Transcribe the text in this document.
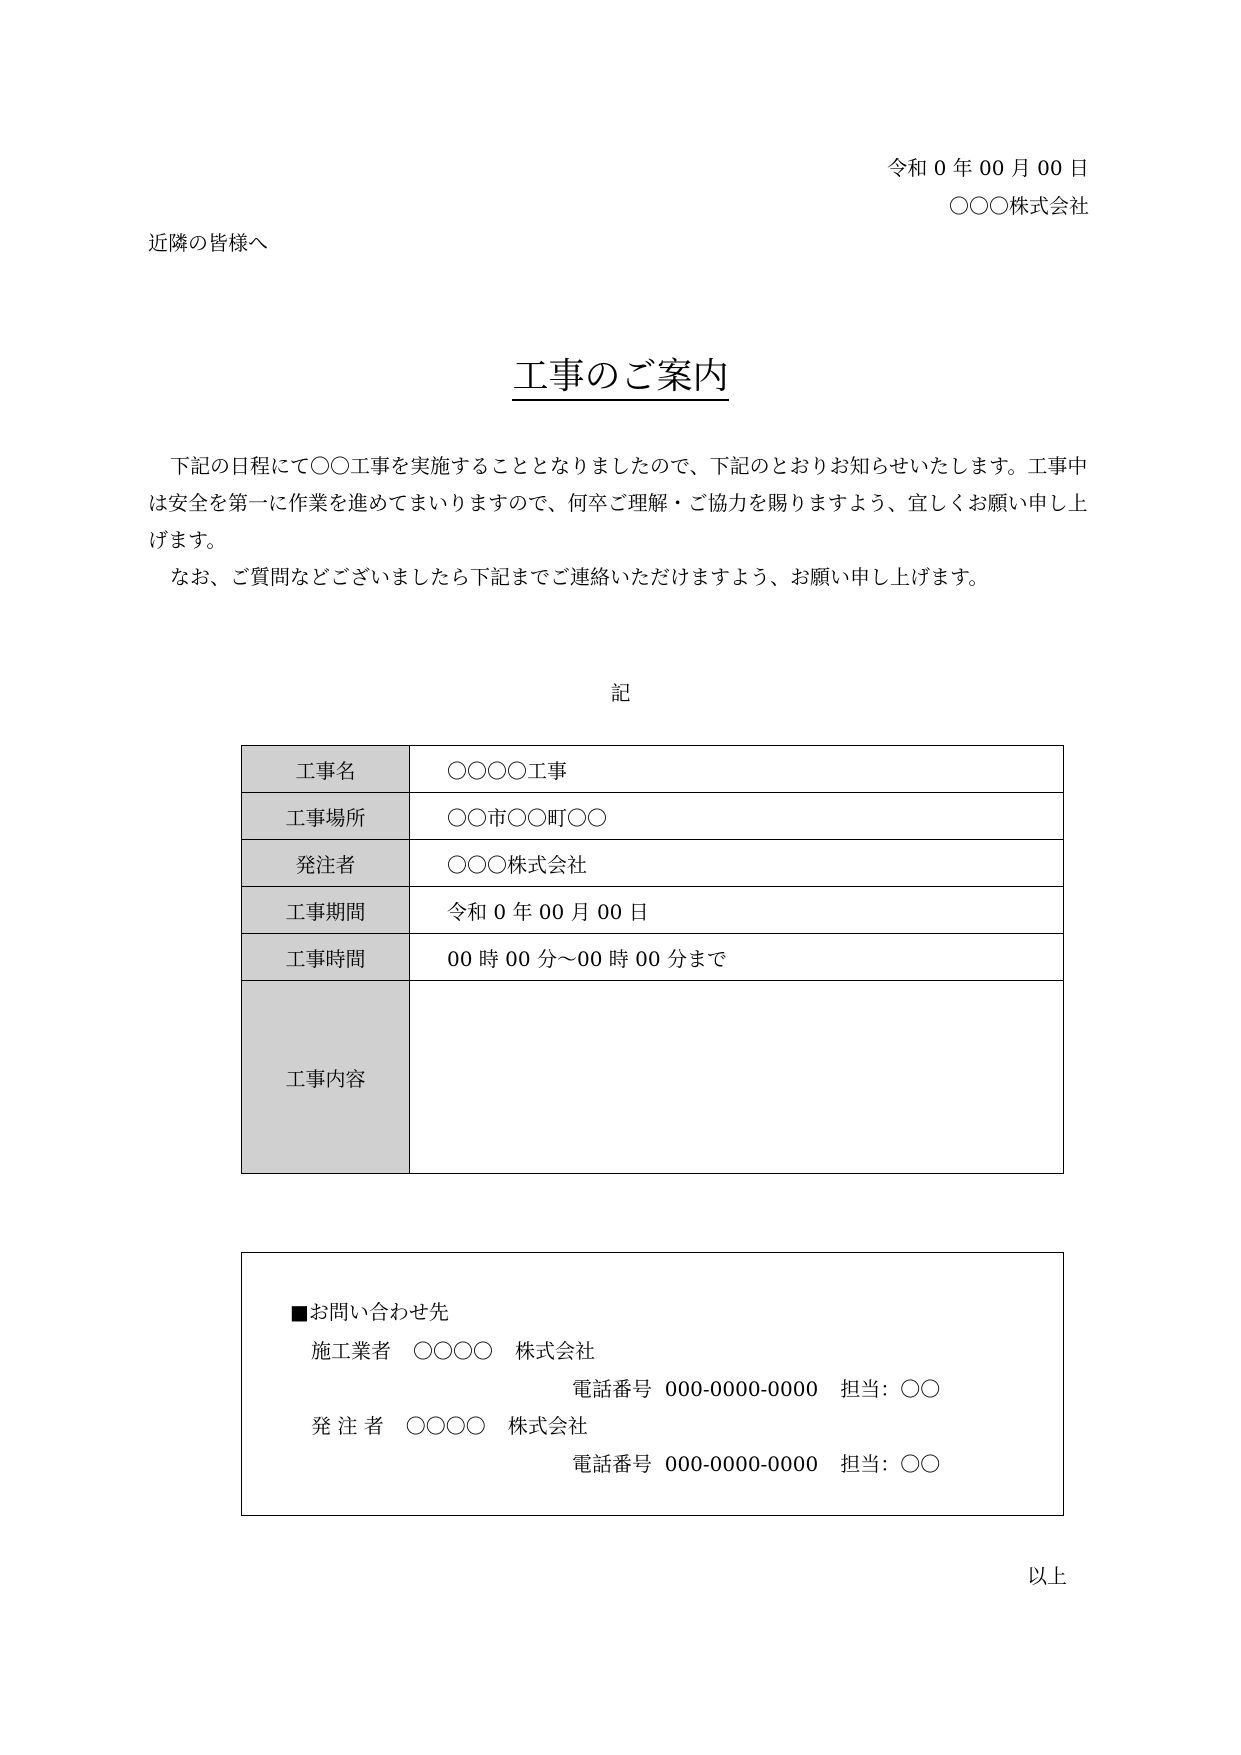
令和 0 年 00 月 00 日
〇〇〇株式会社
近隣の皆様へ
工事のご案内

下記の日程にて〇〇工事を実施することとなりましたので、下記のとおりお知らせいたします。工事中は安全を第一に作業を進めてまいりますので、何卒ご理解・ご協力を賜りますよう、宜しくお願い申し上げます。

なお、ご質問などございましたら下記までご連絡いただけますよう、お願い申し上げます。

記
工事名	〇〇〇〇工事
工事場所	〇〇市〇〇町〇〇
発注者	〇〇〇株式会社
工事期間	令和 0 年 00 月 00 日
工事時間	00 時 00 分～00 時 00 分まで
工事内容	
■お問い合わせ先
施工業者 〇〇〇〇 株式会社
電話番号 000-0000-0000 担当：〇〇
発 注 者 〇〇〇〇 株式会社
電話番号 000-0000-0000 担当：〇〇
以上
